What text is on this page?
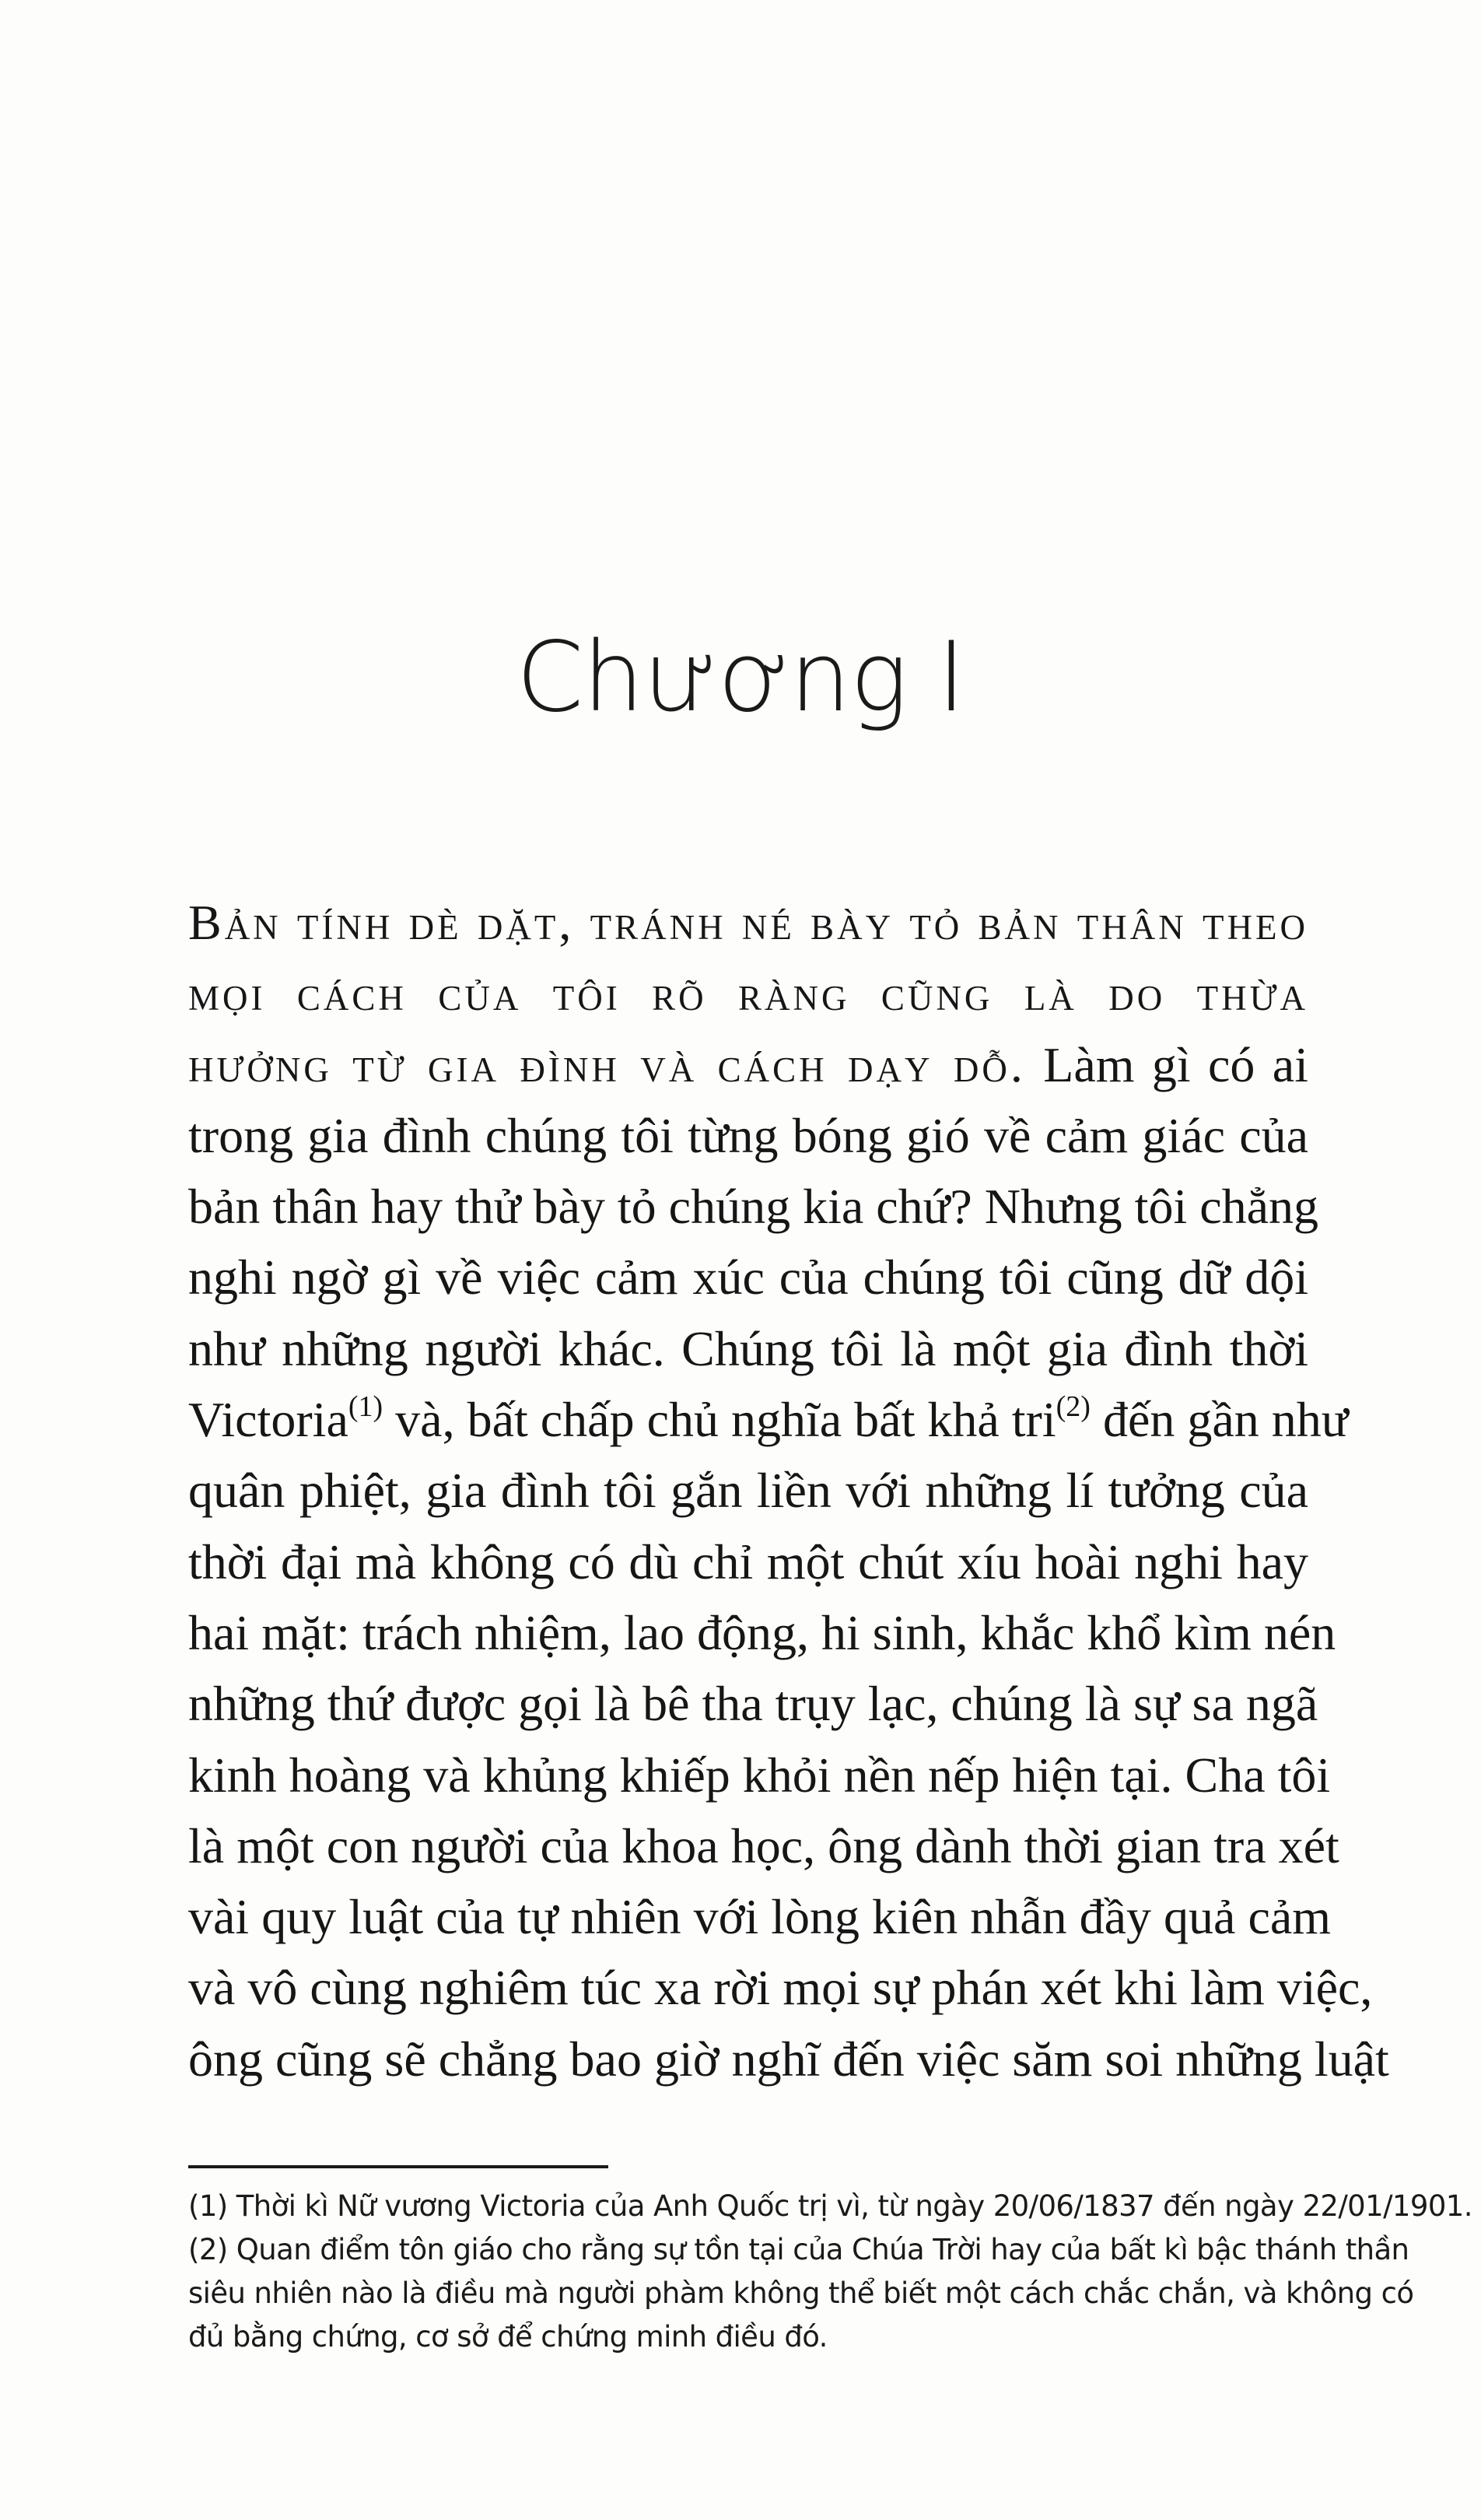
Chương I
Bản tính dè dặt, tránh né bày tỏ bản thân theo
mọi cách của tôi rõ ràng cũng là do thừa
hưởng từ gia đình và cách dạy dỗ. Làm gì có ai
trong gia đình chúng tôi từng bóng gió về cảm giác của
bản thân hay thử bày tỏ chúng kia chứ? Nhưng tôi chẳng
nghi ngờ gì về việc cảm xúc của chúng tôi cũng dữ dội
như những người khác. Chúng tôi là một gia đình thời
Victoria$^{(1)}$ và, bất chấp chủ nghĩa bất khả tri$^{(2)}$ đến gần như
quân phiệt, gia đình tôi gắn liền với những lí tưởng của
thời đại mà không có dù chỉ một chút xíu hoài nghi hay
hai mặt: trách nhiệm, lao động, hi sinh, khắc khổ kìm nén
những thứ được gọi là bê tha trụy lạc, chúng là sự sa ngã
kinh hoàng và khủng khiếp khỏi nền nếp hiện tại. Cha tôi
là một con người của khoa học, ông dành thời gian tra xét
vài quy luật của tự nhiên với lòng kiên nhẫn đầy quả cảm
và vô cùng nghiêm túc xa rời mọi sự phán xét khi làm việc,
ông cũng sẽ chẳng bao giờ nghĩ đến việc săm soi những luật
(1) Thời kì Nữ vương Victoria của Anh Quốc trị vì, từ ngày 20/06/1837 đến ngày 22/01/1901.
(2) Quan điểm tôn giáo cho rằng sự tồn tại của Chúa Trời hay của bất kì bậc thánh thần
siêu nhiên nào là điều mà người phàm không thể biết một cách chắc chắn, và không có
đủ bằng chứng, cơ sở để chứng minh điều đó.
